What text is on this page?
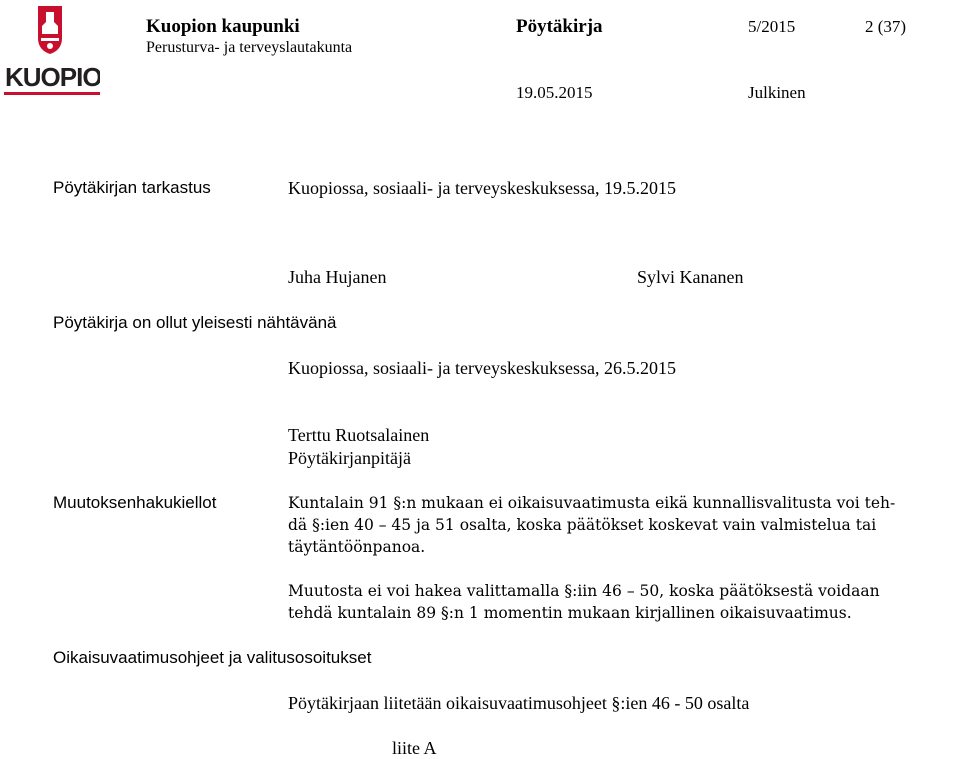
KUOPIO
Kuopion kaupunki
Perusturva- ja terveyslautakunta
Pöytäkirja	5/2015	2 (37)
19.05.2015	Julkinen
Pöytäkirjan tarkastus	Kuopiossa, sosiaali- ja terveyskeskuksessa, 19.5.2015
Juha Hujanen	Sylvi Kananen
Pöytäkirja on ollut yleisesti nähtävänä
Kuopiossa, sosiaali- ja terveyskeskuksessa, 26.5.2015
Terttu Ruotsalainen
Pöytäkirjanpitäjä
Muutoksenhakukiellot	Kuntalain 91 §:n mukaan ei oikaisuvaatimusta eikä kunnallisvalitusta voi teh-
dä §:ien 40 – 45 ja 51 osalta, koska päätökset koskevat vain valmistelua tai
täytäntöönpanoa.
Muutosta ei voi hakea valittamalla §:iin 46 – 50, koska päätöksestä voidaan
tehdä kuntalain 89 §:n 1 momentin mukaan kirjallinen oikaisuvaatimus.
Oikaisuvaatimusohjeet ja valitusosoitukset
Pöytäkirjaan liitetään oikaisuvaatimusohjeet §:ien 46 - 50 osalta
liite A
